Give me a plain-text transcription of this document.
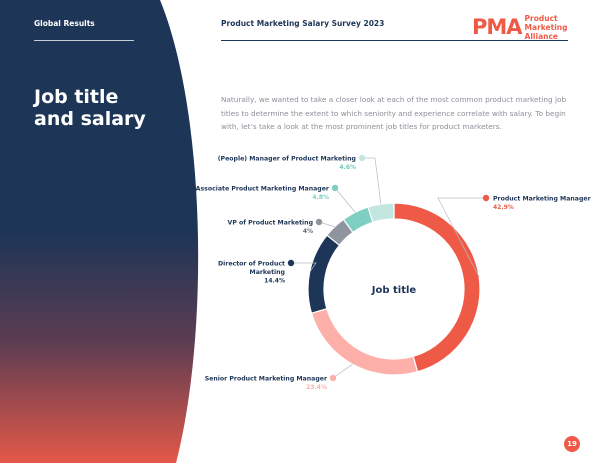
Global Results	Product Marketing Salary Survey 2023	PMA Product Marketing
Alliance
Job title
and salary
Naturally, we wanted to take a closer look at each of the most common product marketing job titles to determine the extent to which seniority and experience correlate with salary. To begin with, let’s take a look at the most prominent job titles for product marketers.
Product Marketing Manager
42.9%
Senior Product Marketing Manager
23.4%
Director of Product
Marketing
14.4%
VP of Product Marketing
4%
Associate Product Marketing Manager
4.8%
(People) Manager of Product Marketing
4.6%
Job title
19
